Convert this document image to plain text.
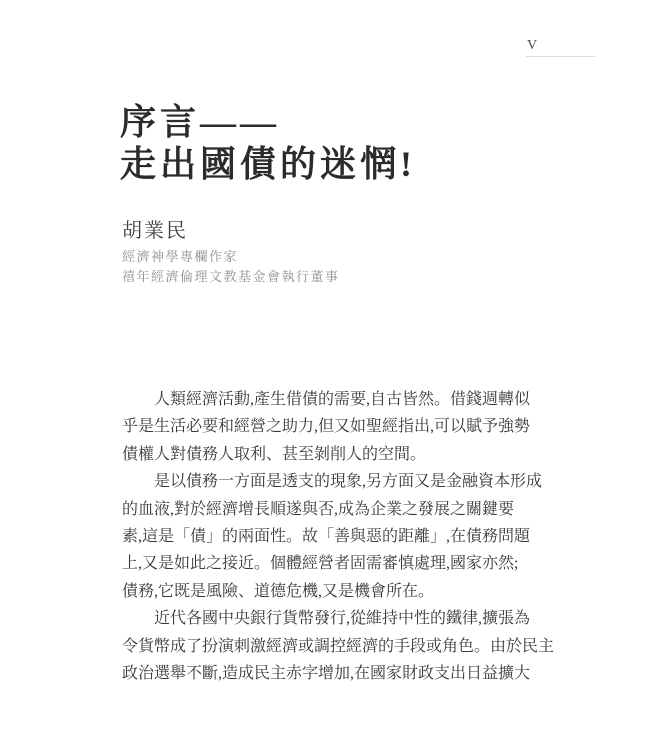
V
序言——
走出國債的迷惘!
胡業民
經濟神學專欄作家
禧年經濟倫理文教基金會執行董事
人類經濟活動,產生借債的需要,自古皆然。借錢週轉似
乎是生活必要和經營之助力,但又如聖經指出,可以賦予強勢
債權人對債務人取利、甚至剝削人的空間。
是以債務一方面是透支的現象,另方面又是金融資本形成
的血液,對於經濟增長順遂與否,成為企業之發展之關鍵要
素,這是「債」的兩面性。故「善與惡的距離」,在債務問題
上,又是如此之接近。個體經營者固需審慎處理,國家亦然;
債務,它既是風險、道德危機,又是機會所在。
近代各國中央銀行貨幣發行,從維持中性的鐵律,擴張為
令貨幣成了扮演刺激經濟或調控經濟的手段或角色。由於民主
政治選舉不斷,造成民主赤字增加,在國家財政支出日益擴大
